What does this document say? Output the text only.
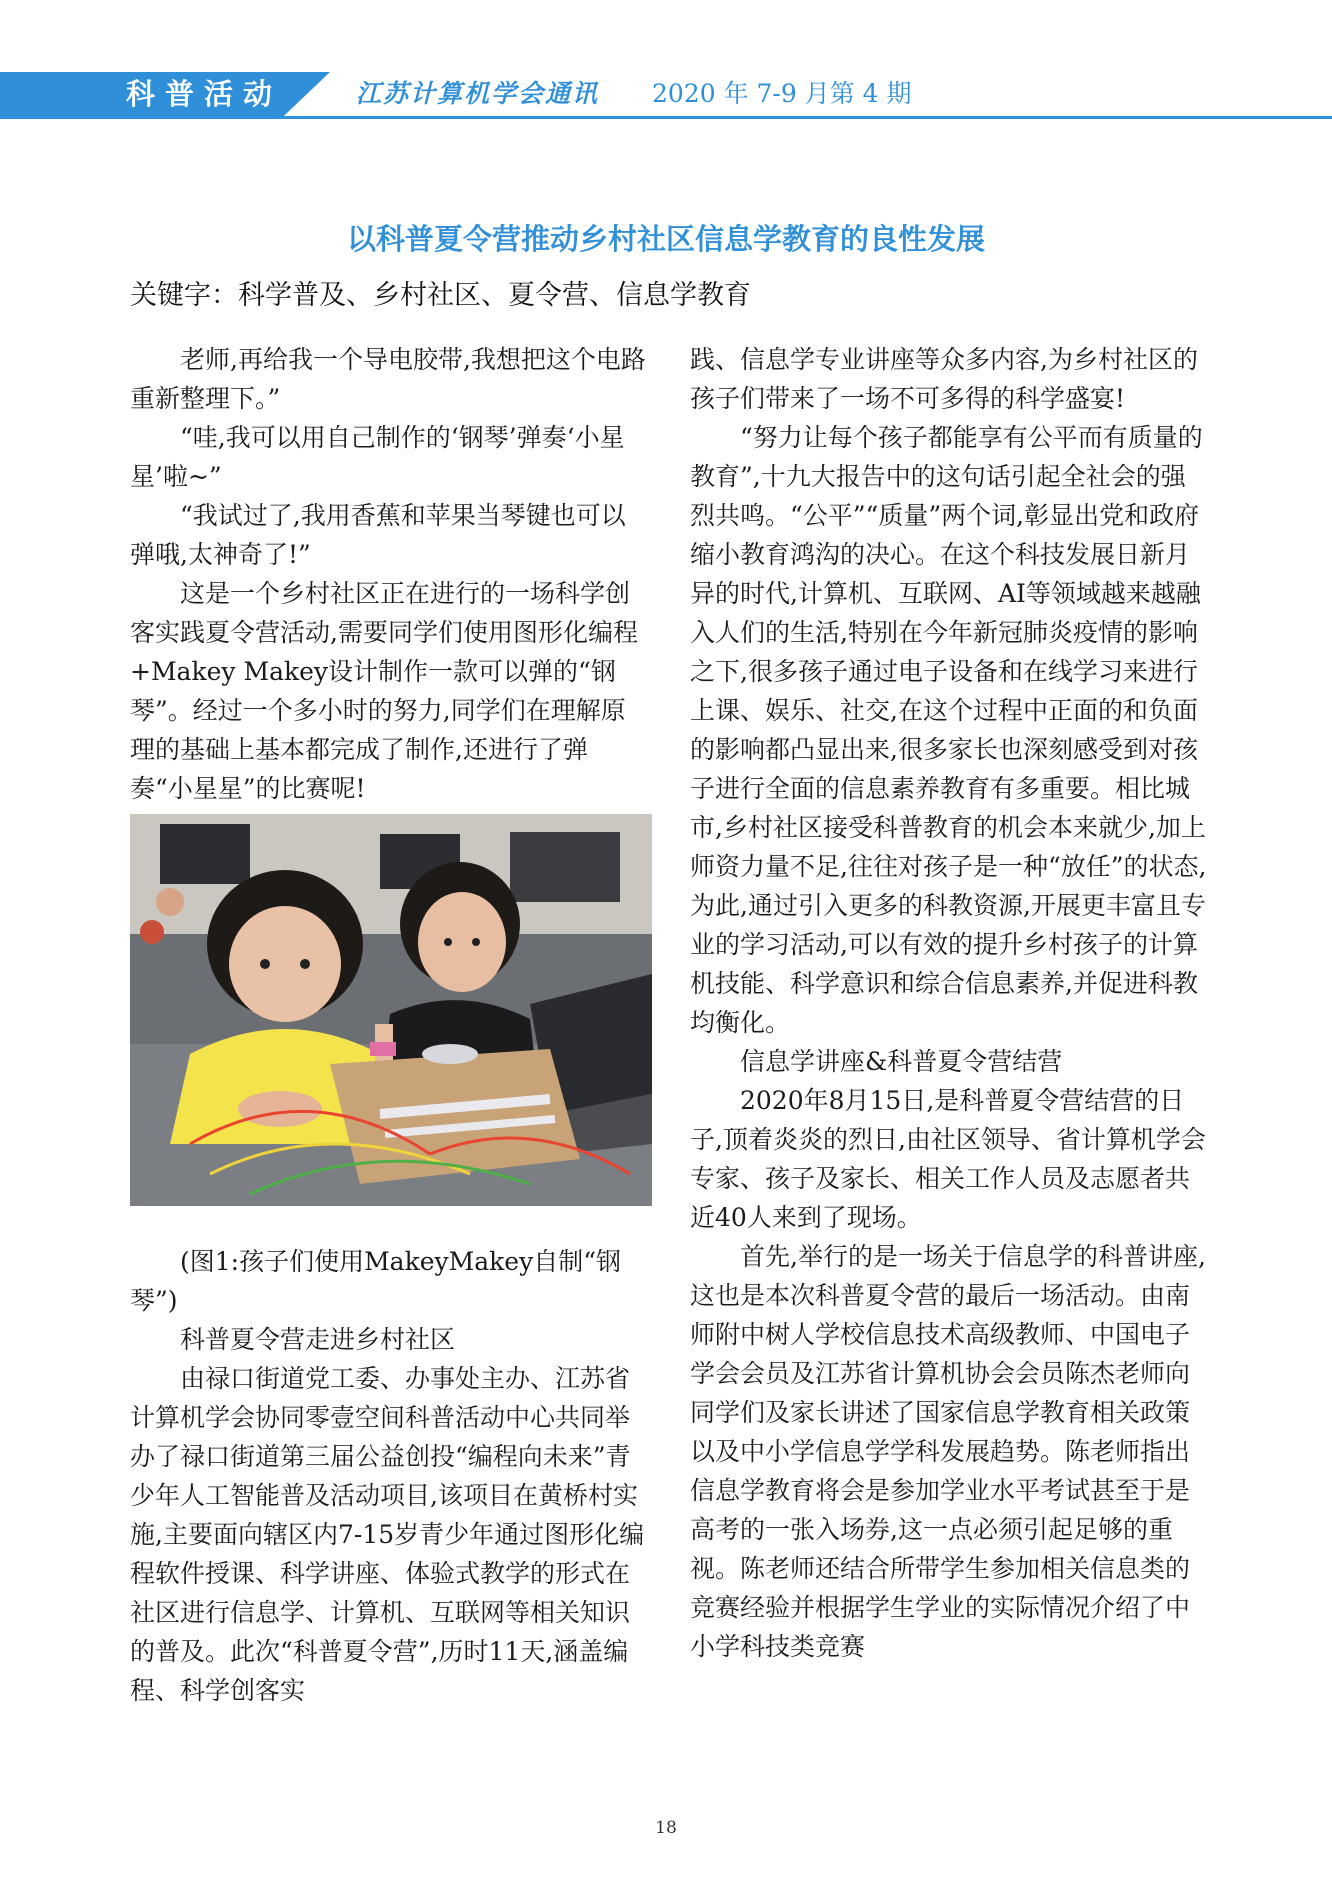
科普活动	江苏计算机学会通讯 2020 年 7-9 月第 4 期
以科普夏令营推动乡村社区信息学教育的良性发展
关键字：科学普及、乡村社区、夏令营、信息学教育

老师,再给我一个导电胶带,我想把这个电路重新整理下。”

“哇,我可以用自己制作的‘钢琴’弹奏‘小星星’啦~”

“我试过了,我用香蕉和苹果当琴键也可以弹哦,太神奇了!”

这是一个乡村社区正在进行的一场科学创客实践夏令营活动,需要同学们使用图形化编程+Makey Makey设计制作一款可以弹的“钢琴”。经过一个多小时的努力,同学们在理解原理的基础上基本都完成了制作,还进行了弹奏“小星星”的比赛呢!

(图1:孩子们使用MakeyMakey自制“钢琴”)

科普夏令营走进乡村社区

由禄口街道党工委、办事处主办、江苏省计算机学会协同零壹空间科普活动中心共同举办了禄口街道第三届公益创投“编程向未来”青少年人工智能普及活动项目,该项目在黄桥村实施,主要面向辖区内7-15岁青少年通过图形化编程软件授课、科学讲座、体验式教学的形式在社区进行信息学、计算机、互联网等相关知识的普及。此次“科普夏令营”,历时11天,涵盖编程、科学创客实

践、信息学专业讲座等众多内容,为乡村社区的孩子们带来了一场不可多得的科学盛宴!

“努力让每个孩子都能享有公平而有质量的教育”,十九大报告中的这句话引起全社会的强烈共鸣。“公平”“质量”两个词,彰显出党和政府缩小教育鸿沟的决心。在这个科技发展日新月异的时代,计算机、互联网、AI等领域越来越融入人们的生活,特别在今年新冠肺炎疫情的影响之下,很多孩子通过电子设备和在线学习来进行上课、娱乐、社交,在这个过程中正面的和负面的影响都凸显出来,很多家长也深刻感受到对孩子进行全面的信息素养教育有多重要。相比城市,乡村社区接受科普教育的机会本来就少,加上师资力量不足,往往对孩子是一种“放任”的状态,为此,通过引入更多的科教资源,开展更丰富且专业的学习活动,可以有效的提升乡村孩子的计算机技能、科学意识和综合信息素养,并促进科教均衡化。

信息学讲座&科普夏令营结营

2020年8月15日,是科普夏令营结营的日子,顶着炎炎的烈日,由社区领导、省计算机学会专家、孩子及家长、相关工作人员及志愿者共近40人来到了现场。

首先,举行的是一场关于信息学的科普讲座,这也是本次科普夏令营的最后一场活动。由南师附中树人学校信息技术高级教师、中国电子学会会员及江苏省计算机协会会员陈杰老师向同学们及家长讲述了国家信息学教育相关政策以及中小学信息学学科发展趋势。陈老师指出信息学教育将会是参加学业水平考试甚至于是高考的一张入场券,这一点必须引起足够的重视。陈老师还结合所带学生参加相关信息类的竞赛经验并根据学生学业的实际情况介绍了中小学科技类竞赛

18
